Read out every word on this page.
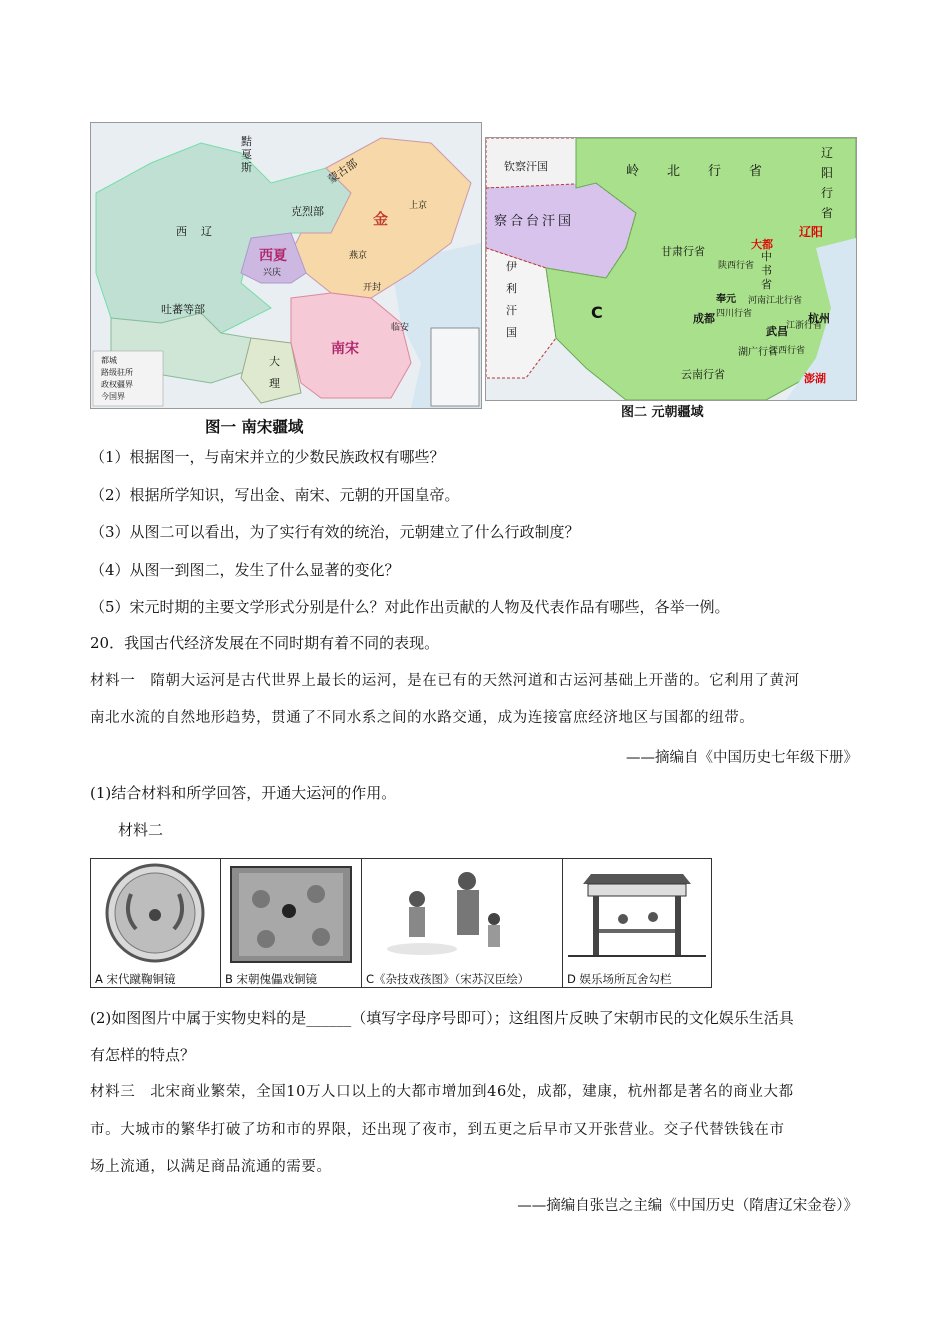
黠戛斯	蒙古部
克烈部
西辽
西夏
兴庆
金
上京
燕京
开封
吐蕃等部
大理
南宋
临安
都城
路级驻所
政权疆界
今国界
图一 南宋疆域
钦察汗国
察合台汗国
伊利汗国
C
岭北行省
辽阳行省
大都
辽阳
中书省
甘肃行省
陕西行省
奉元 河南江北行省
成都 四川行省
武昌
杭州
湖广行省
江浙行省
江西行省
云南行省	澎湖
图二 元朝疆域
（1）根据图一，与南宋并立的少数民族政权有哪些？
（2）根据所学知识，写出金、南宋、元朝的开国皇帝。
（3）从图二可以看出，为了实行有效的统治，元朝建立了什么行政制度？
（4）从图一到图二，发生了什么显著的变化？
（5）宋元时期的主要文学形式分别是什么？对此作出贡献的人物及代表作品有哪些，各举一例。
20．我国古代经济发展在不同时期有着不同的表现。
材料一　隋朝大运河是古代世界上最长的运河，是在已有的天然河道和古运河基础上开凿的。它利用了黄河
南北水流的自然地形趋势，贯通了不同水系之间的水路交通，成为连接富庶经济地区与国都的纽带。
——摘编自《中国历史七年级下册》
(1)结合材料和所学回答，开通大运河的作用。
材料二
A 宋代蹴鞠铜镜	B 宋朝傀儡戏铜镜	C《杂技戏孩图》（宋苏汉臣绘）	D 娱乐场所瓦舍勾栏
(2)如图图片中属于实物史料的是______（填写字母序号即可）；这组图片反映了宋朝市民的文化娱乐生活具
有怎样的特点？
材料三　北宋商业繁荣，全国10万人口以上的大都市增加到46处，成都，建康，杭州都是著名的商业大都
市。大城市的繁华打破了坊和市的界限，还出现了夜市，到五更之后早市又开张营业。交子代替铁钱在市
场上流通，以满足商品流通的需要。
——摘编自张岂之主编《中国历史（隋唐辽宋金卷）》
